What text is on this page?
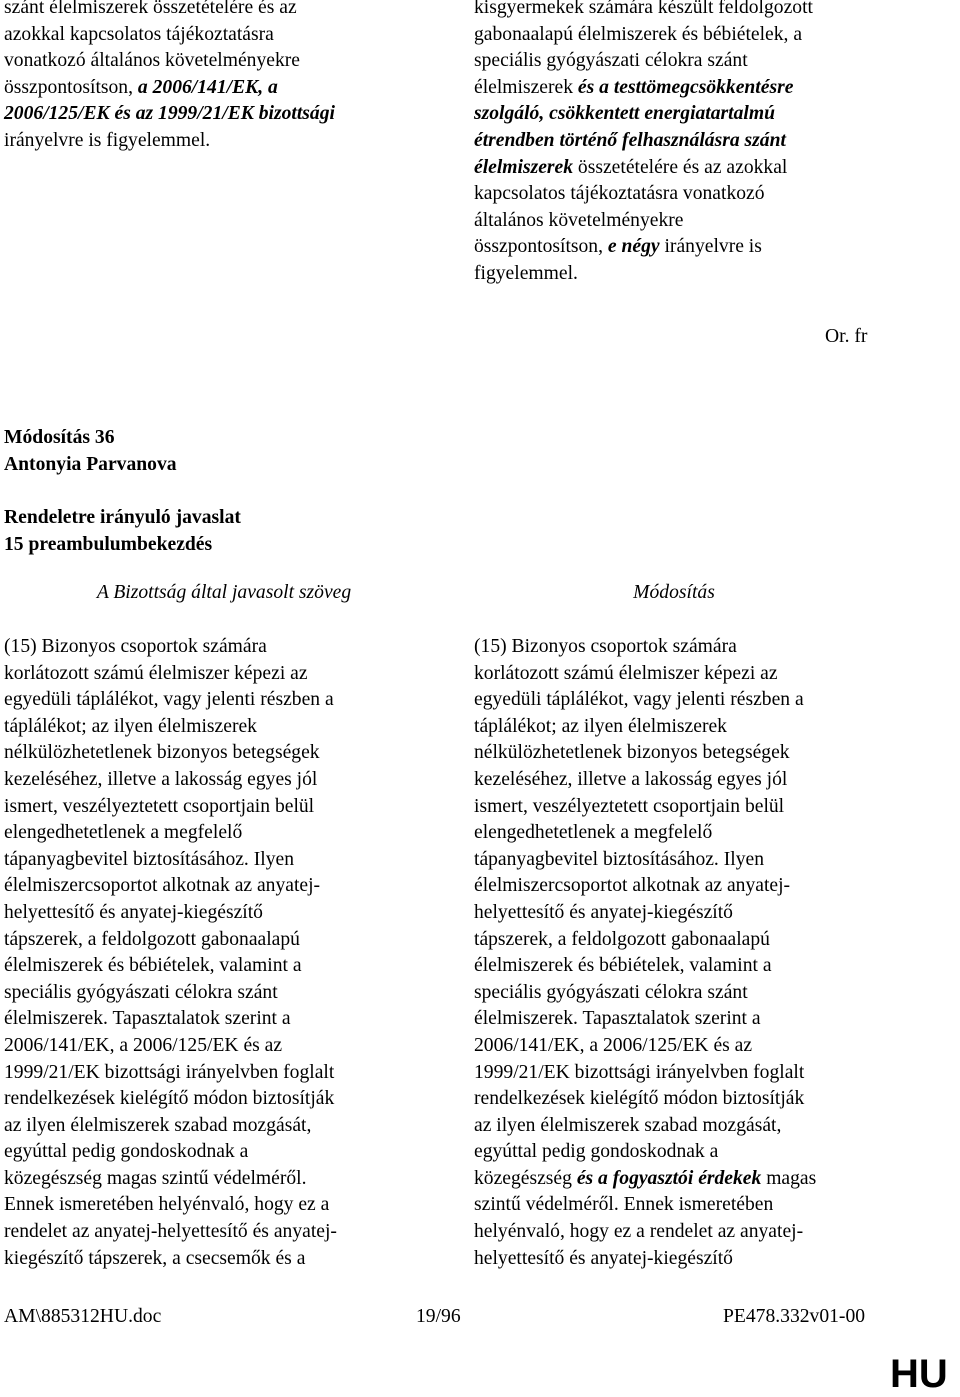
szánt élelmiszerek összetételére és az
azokkal kapcsolatos tájékoztatásra
vonatkozó általános követelményekre
összpontosítson, a 2006/141/EK, a
2006/125/EK és az 1999/21/EK bizottsági
irányelvre is figyelemmel.
kisgyermekek számára készült feldolgozott
gabonaalapú élelmiszerek és bébiételek, a
speciális gyógyászati célokra szánt
élelmiszerek és a testtömegcsökkentésre
szolgáló, csökkentett energiatartalmú
étrendben történő felhasználásra szánt
élelmiszerek összetételére és az azokkal
kapcsolatos tájékoztatásra vonatkozó
általános követelményekre
összpontosítson, e négy irányelvre is
figyelemmel.
Or. fr
Módosítás 36
Antonyia Parvanova
Rendeletre irányuló javaslat
15 preambulumbekezdés
A Bizottság által javasolt szöveg	Módosítás
(15) Bizonyos csoportok számára
korlátozott számú élelmiszer képezi az
egyedüli táplálékot, vagy jelenti részben a
táplálékot; az ilyen élelmiszerek
nélkülözhetetlenek bizonyos betegségek
kezeléséhez, illetve a lakosság egyes jól
ismert, veszélyeztetett csoportjain belül
elengedhetetlenek a megfelelő
tápanyagbevitel biztosításához. Ilyen
élelmiszercsoportot alkotnak az anyatej-
helyettesítő és anyatej-kiegészítő
tápszerek, a feldolgozott gabonaalapú
élelmiszerek és bébiételek, valamint a
speciális gyógyászati célokra szánt
élelmiszerek. Tapasztalatok szerint a
2006/141/EK, a 2006/125/EK és az
1999/21/EK bizottsági irányelvben foglalt
rendelkezések kielégítő módon biztosítják
az ilyen élelmiszerek szabad mozgását,
egyúttal pedig gondoskodnak a
közegészség magas szintű védelméről.
Ennek ismeretében helyénvaló, hogy ez a
rendelet az anyatej-helyettesítő és anyatej-
kiegészítő tápszerek, a csecsemők és a
(15) Bizonyos csoportok számára
korlátozott számú élelmiszer képezi az
egyedüli táplálékot, vagy jelenti részben a
táplálékot; az ilyen élelmiszerek
nélkülözhetetlenek bizonyos betegségek
kezeléséhez, illetve a lakosság egyes jól
ismert, veszélyeztetett csoportjain belül
elengedhetetlenek a megfelelő
tápanyagbevitel biztosításához. Ilyen
élelmiszercsoportot alkotnak az anyatej-
helyettesítő és anyatej-kiegészítő
tápszerek, a feldolgozott gabonaalapú
élelmiszerek és bébiételek, valamint a
speciális gyógyászati célokra szánt
élelmiszerek. Tapasztalatok szerint a
2006/141/EK, a 2006/125/EK és az
1999/21/EK bizottsági irányelvben foglalt
rendelkezések kielégítő módon biztosítják
az ilyen élelmiszerek szabad mozgását,
egyúttal pedig gondoskodnak a
közegészség és a fogyasztói érdekek magas
szintű védelméről. Ennek ismeretében
helyénvaló, hogy ez a rendelet az anyatej-
helyettesítő és anyatej-kiegészítő
AM\885312HU.doc	19/96	PE478.332v01-00
HU
